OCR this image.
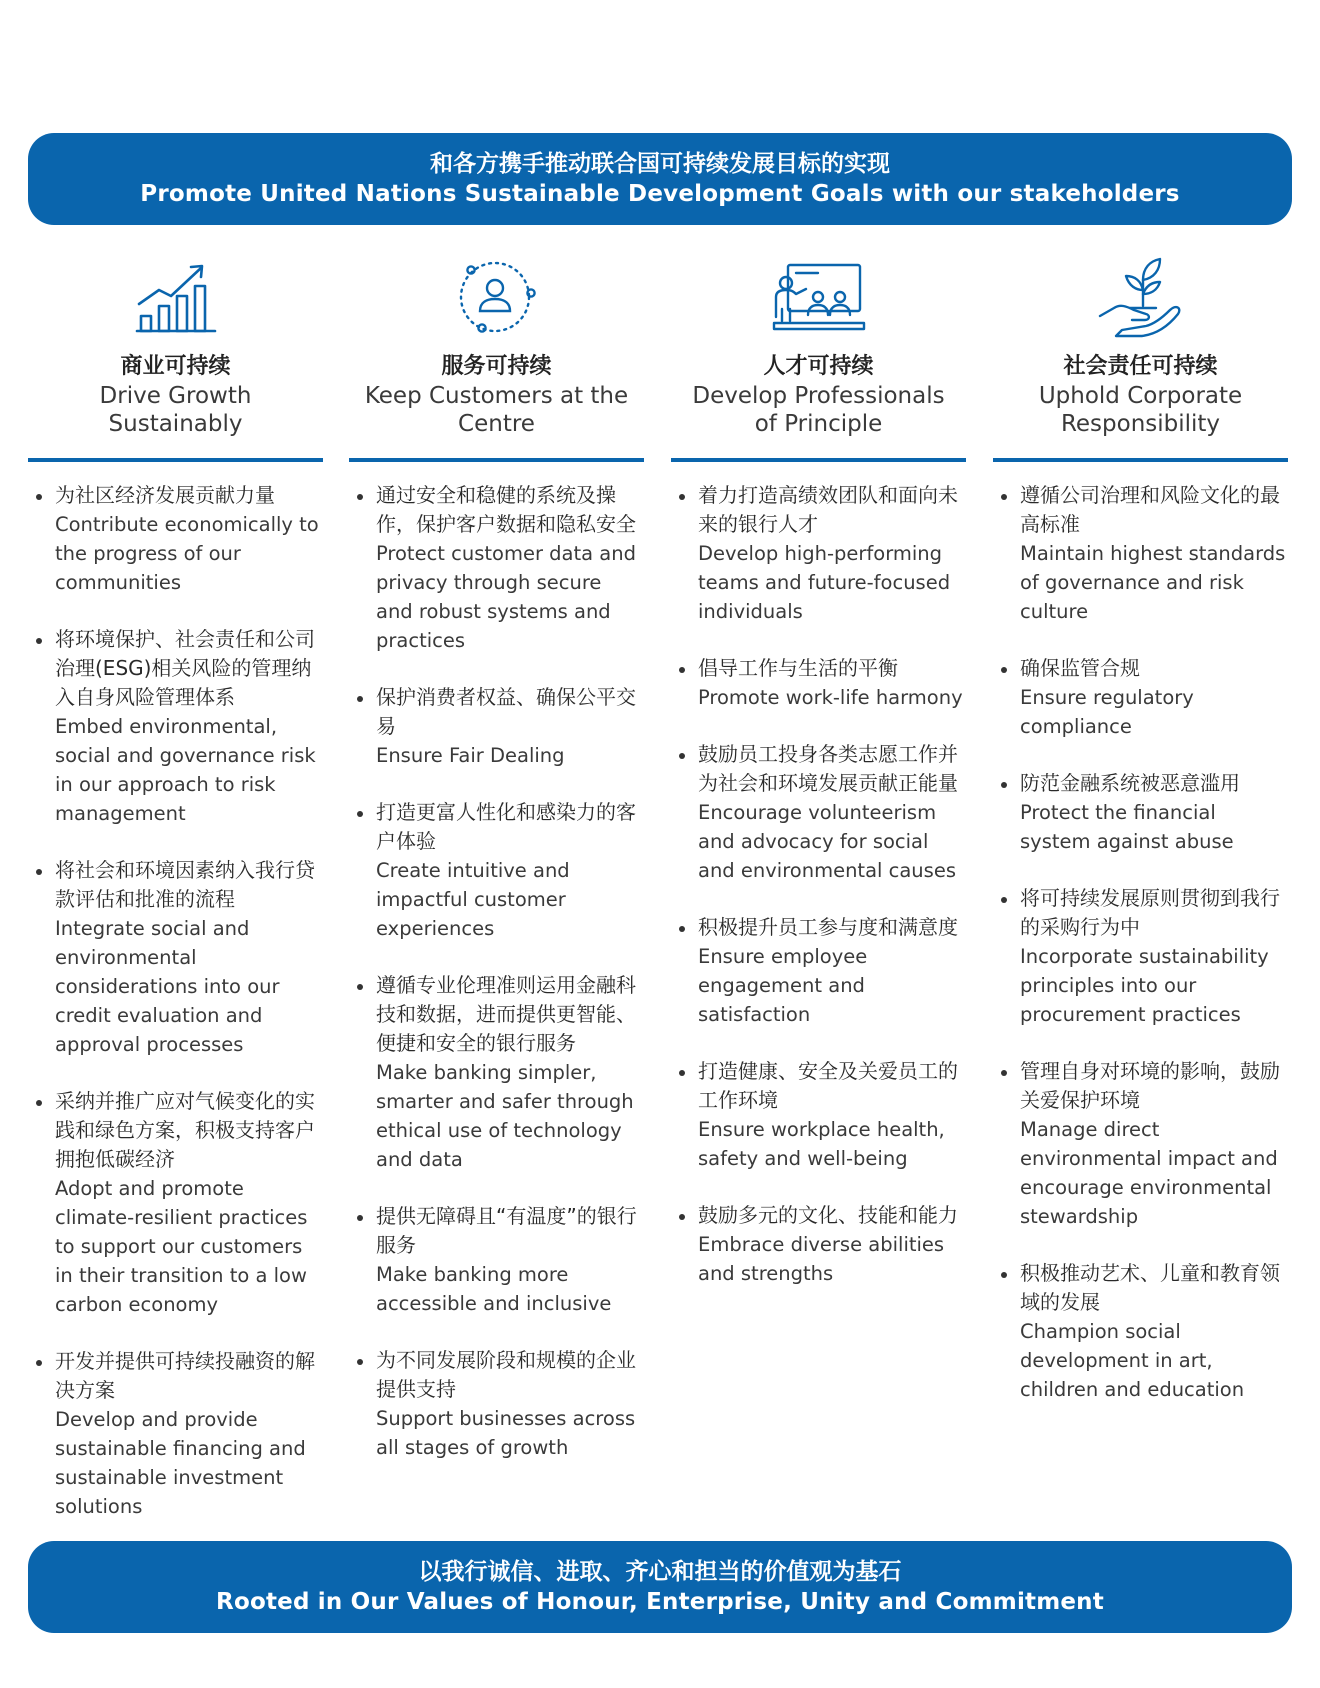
和各方携手推动联合国可持续发展目标的实现
Promote United Nations Sustainable Development Goals with our stakeholders
商业可持续
Drive Growth Sustainably
为社区经济发展贡献力量
Contribute economically to the progress of our communities
将环境保护、社会责任和公司治理(ESG)相关风险的管理纳入自身风险管理体系
Embed environmental, social and governance risk in our approach to risk management
将社会和环境因素纳入我行贷款评估和批准的流程
Integrate social and environmental considerations into our credit evaluation and approval processes
采纳并推广应对气候变化的实践和绿色方案，积极支持客户拥抱低碳经济
Adopt and promote climate-resilient practices to support our customers in their transition to a low carbon economy
开发并提供可持续投融资的解决方案
Develop and provide sustainable financing and sustainable investment solutions
服务可持续
Keep Customers at the Centre
通过安全和稳健的系统及操作，保护客户数据和隐私安全
Protect customer data and privacy through secure and robust systems and practices
保护消费者权益、确保公平交易
Ensure Fair Dealing
打造更富人性化和感染力的客户体验
Create intuitive and impactful customer experiences
遵循专业伦理准则运用金融科技和数据，进而提供更智能、便捷和安全的银行服务
Make banking simpler, smarter and safer through ethical use of technology and data
提供无障碍且“有温度”的银行服务
Make banking more accessible and inclusive
为不同发展阶段和规模的企业提供支持
Support businesses across all stages of growth
人才可持续
Develop Professionals of Principle
着力打造高绩效团队和面向未来的银行人才
Develop high-performing teams and future-focused individuals
倡导工作与生活的平衡
Promote work-life harmony
鼓励员工投身各类志愿工作并为社会和环境发展贡献正能量
Encourage volunteerism and advocacy for social and environmental causes
积极提升员工参与度和满意度
Ensure employee engagement and satisfaction
打造健康、安全及关爱员工的工作环境
Ensure workplace health, safety and well-being
鼓励多元的文化、技能和能力
Embrace diverse abilities and strengths
社会责任可持续
Uphold Corporate Responsibility
遵循公司治理和风险文化的最高标准
Maintain highest standards of governance and risk culture
确保监管合规
Ensure regulatory compliance
防范金融系统被恶意滥用
Protect the financial system against abuse
将可持续发展原则贯彻到我行的采购行为中
Incorporate sustainability principles into our procurement practices
管理自身对环境的影响，鼓励关爱保护环境
Manage direct environmental impact and encourage environmental stewardship
积极推动艺术、儿童和教育领域的发展
Champion social development in art, children and education
以我行诚信、进取、齐心和担当的价值观为基石
Rooted in Our Values of Honour, Enterprise, Unity and Commitment
